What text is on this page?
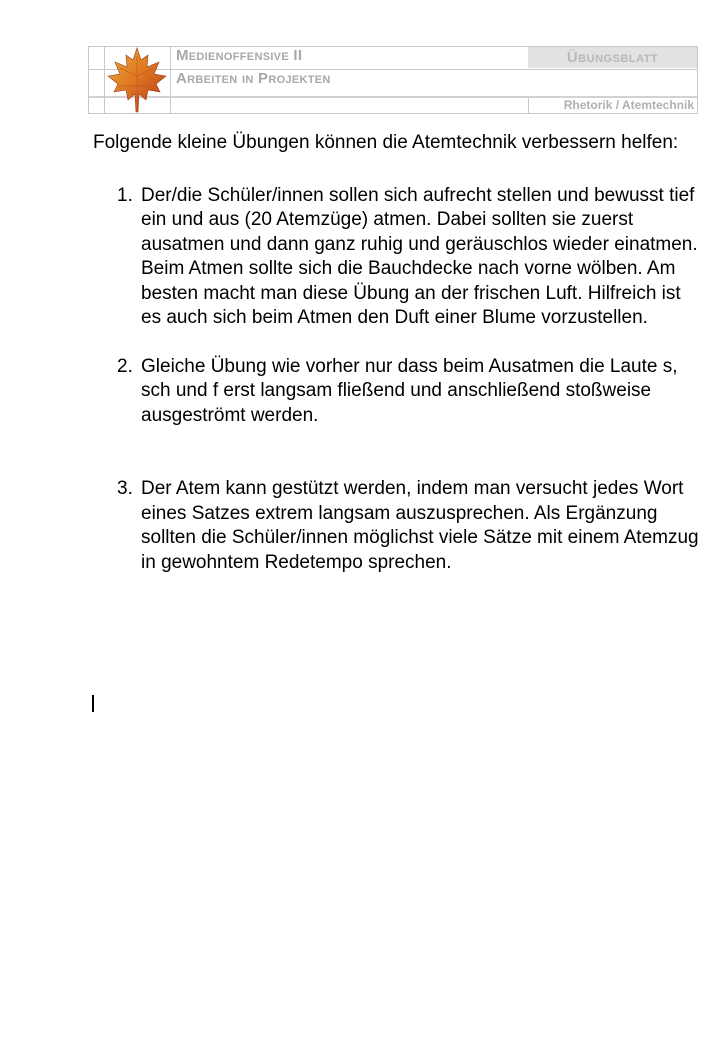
Medienoffensive II
Arbeiten in Projekten
Übungsblatt
Rhetorik / Atemtechnik

Folgende kleine Übungen können die Atemtechnik verbessern helfen:

1. Der/die Schüler/innen sollen sich aufrecht stellen und bewusst tief ein und aus (20 Atemzüge) atmen. Dabei sollten sie zuerst ausatmen und dann ganz ruhig und geräuschlos wieder einatmen. Beim Atmen sollte sich die Bauchdecke nach vorne wölben. Am besten macht man diese Übung an der frischen Luft. Hilfreich ist es auch sich beim Atmen den Duft einer Blume vorzustellen.
2. Gleiche Übung wie vorher nur dass beim Ausatmen die Laute s, sch und f erst langsam fließend und anschließend stoßweise ausgeströmt werden.
3. Der Atem kann gestützt werden, indem man versucht jedes Wort eines Satzes extrem langsam auszusprechen. Als Ergänzung sollten die Schüler/innen möglichst viele Sätze mit einem Atemzug in gewohntem Redetempo sprechen.
